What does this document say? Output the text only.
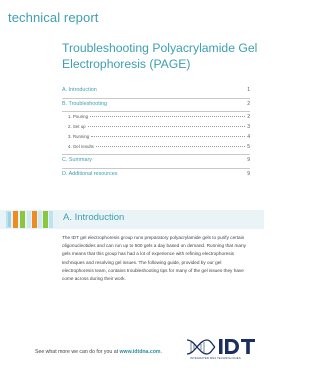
technical report
Troubleshooting Polyacrylamide Gel Electrophoresis (PAGE)
A. Introduction	1
B. Troubleshooting	2
1. Pouring	2
2. Set up	3
3. Running	4
4. Gel results	5
C. Summary	9
D. Additional resources	9
A. Introduction

The IDT gel electrophoresis group runs preparatory polyacrylamide gels to purify certain oligonucleotides and can run up to 500 gels a day based on demand. Running that many gels means that this group has had a lot of experience with refining electrophoresis techniques and resolving gel issues. The following guide, provided by our gel electrophoresis team, contains troubleshooting tips for many of the gel issues they have come across during their work.

See what more we can do for you at www.idtdna.com.
INTEGRATED DNA TECHNOLOGIES
